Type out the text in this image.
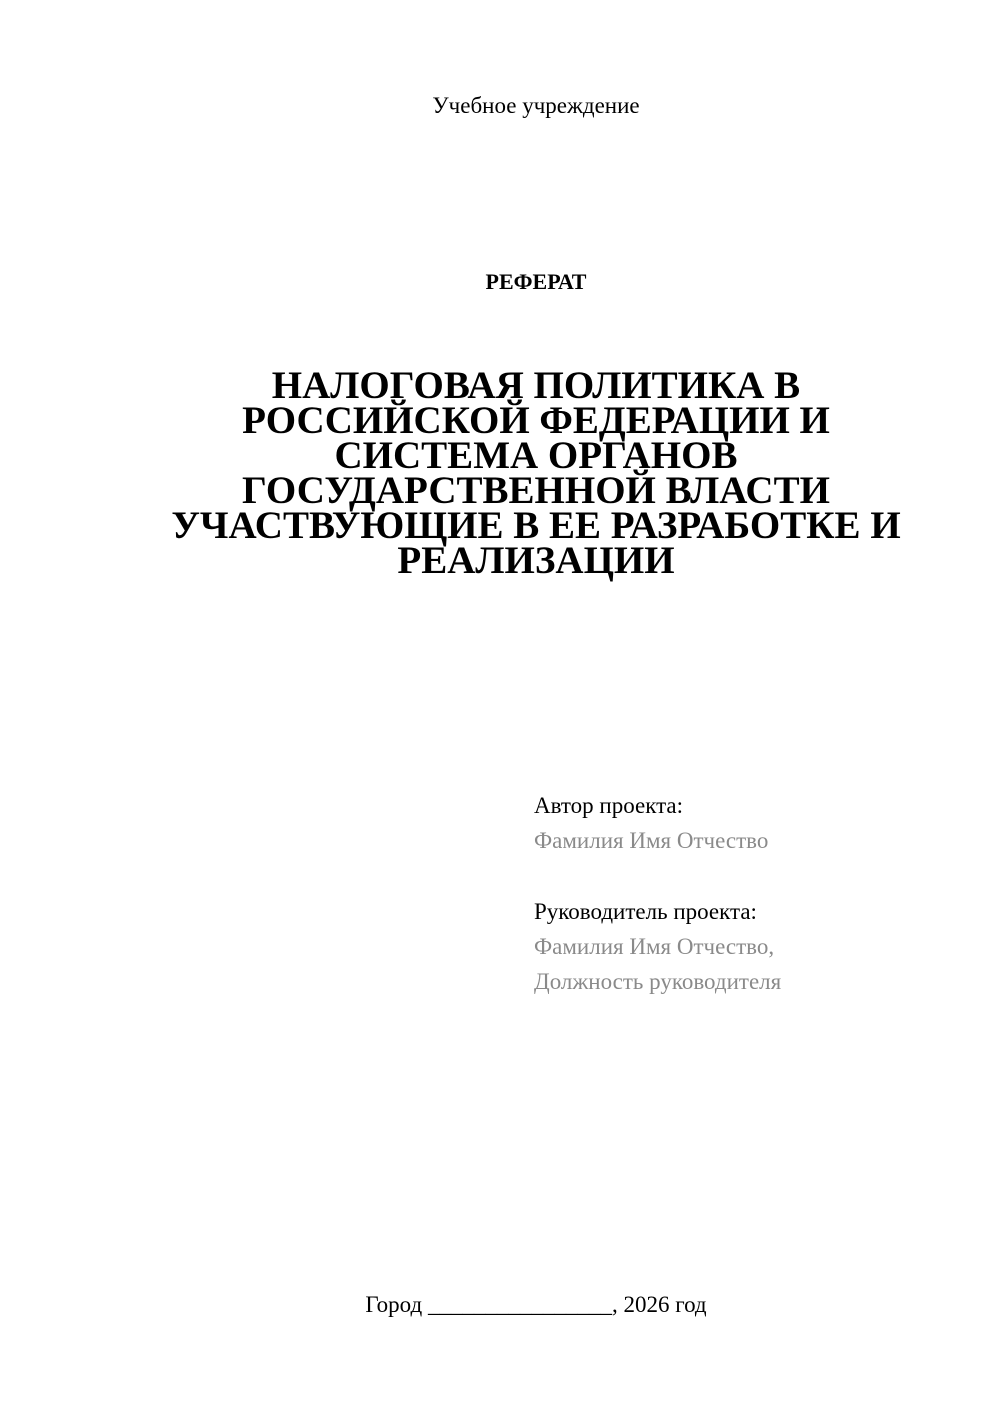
Учебное учреждение
РЕФЕРАТ
НАЛОГОВАЯ ПОЛИТИКА В
РОССИЙСКОЙ ФЕДЕРАЦИИ И
СИСТЕМА ОРГАНОВ
ГОСУДАРСТВЕННОЙ ВЛАСТИ
УЧАСТВУЮЩИЕ В ЕЕ РАЗРАБОТКЕ И
РЕАЛИЗАЦИИ
Автор проекта:
Фамилия Имя Отчество
Руководитель проекта:
Фамилия Имя Отчество,
Должность руководителя
Город ________________, 2026 год
